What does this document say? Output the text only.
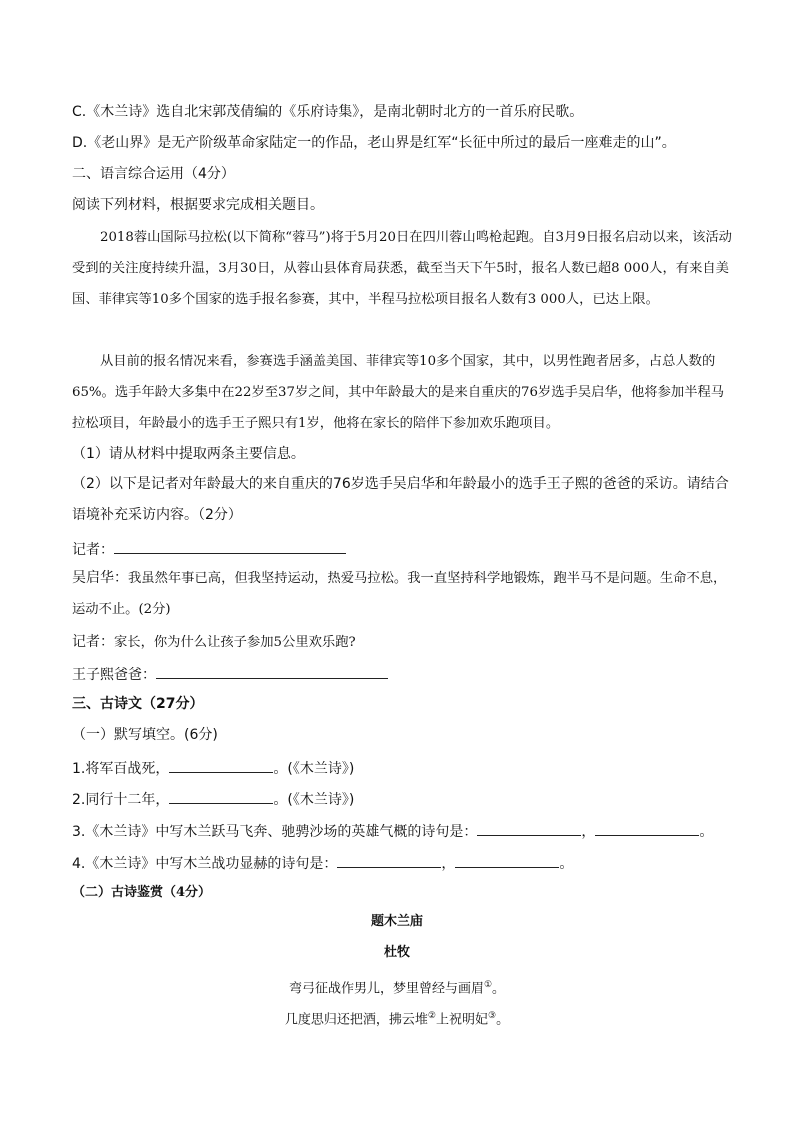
C.《木兰诗》选自北宋郭茂倩编的《乐府诗集》，是南北朝时北方的一首乐府民歌。
D.《老山界》是无产阶级革命家陆定一的作品，老山界是红军“长征中所过的最后一座难走的山”。
二、语言综合运用（4分）
阅读下列材料，根据要求完成相关题目。
2018蓉山国际马拉松(以下简称“蓉马”)将于5月20日在四川蓉山鸣枪起跑。自3月9日报名启动以来，该活动受到的关注度持续升温，3月30日，从蓉山县体育局获悉，截至当天下午5时，报名人数已超8 000人，有来自美国、菲律宾等10多个国家的选手报名参赛，其中，半程马拉松项目报名人数有3 000人，已达上限。
从目前的报名情况来看，参赛选手涵盖美国、菲律宾等10多个国家，其中，以男性跑者居多，占总人数的65%。选手年龄大多集中在22岁至37岁之间，其中年龄最大的是来自重庆的76岁选手吴启华，他将参加半程马拉松项目，年龄最小的选手王子熙只有1岁，他将在家长的陪伴下参加欢乐跑项目。
（1）请从材料中提取两条主要信息。
（2）以下是记者对年龄最大的来自重庆的76岁选手吴启华和年龄最小的选手王子熙的爸爸的采访。请结合语境补充采访内容。（2分）
记者：
吴启华：我虽然年事已高，但我坚持运动，热爱马拉松。我一直坚持科学地锻炼，跑半马不是问题。生命不息，运动不止。(2分)
记者：家长，你为什么让孩子参加5公里欢乐跑?
王子熙爸爸：
三、古诗文（27分）
（一）默写填空。(6分)
1.将军百战死，	。(《木兰诗》)
2.同行十二年，	。(《木兰诗》)
3.《木兰诗》中写木兰跃马飞奔、驰骋沙场的英雄气概的诗句是：	，	。
4.《木兰诗》中写木兰战功显赫的诗句是：	，	。
（二）古诗鉴赏（4分）
题木兰庙
杜牧
弯弓征战作男儿，梦里曾经与画眉①。
几度思归还把酒，拂云堆②上祝明妃③。
